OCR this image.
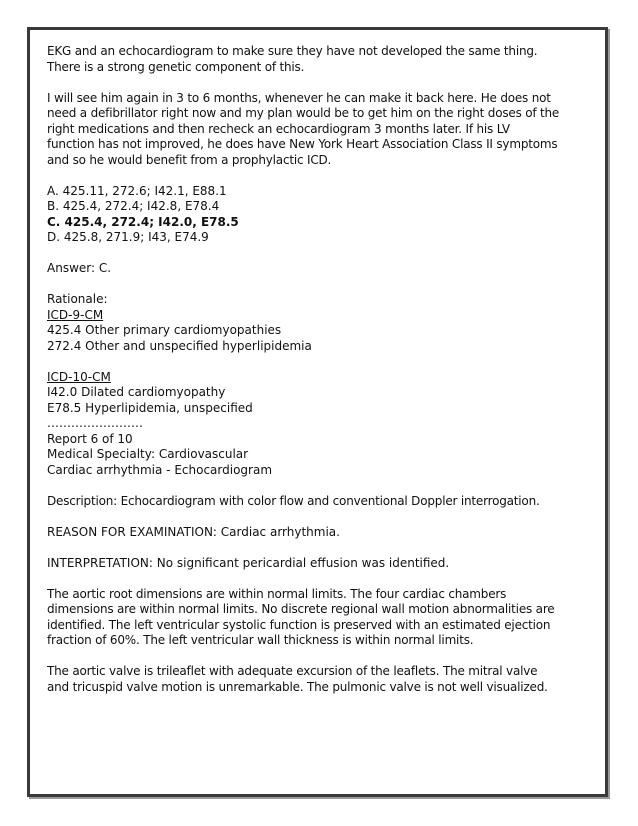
EKG and an echocardiogram to make sure they have not developed the same thing.
There is a strong genetic component of this.
I will see him again in 3 to 6 months, whenever he can make it back here. He does not
need a defibrillator right now and my plan would be to get him on the right doses of the
right medications and then recheck an echocardiogram 3 months later. If his LV
function has not improved, he does have New York Heart Association Class II symptoms
and so he would benefit from a prophylactic ICD.
A. 425.11, 272.6; I42.1, E88.1
B. 425.4, 272.4; I42.8, E78.4
C. 425.4, 272.4; I42.0, E78.5
D. 425.8, 271.9; I43, E74.9
Answer: C.
Rationale:
ICD-9-CM
425.4 Other primary cardiomyopathies
272.4 Other and unspecified hyperlipidemia
ICD-10-CM
I42.0 Dilated cardiomyopathy
E78.5 Hyperlipidemia, unspecified
……………………
Report 6 of 10
Medical Specialty: Cardiovascular
Cardiac arrhythmia - Echocardiogram
Description: Echocardiogram with color flow and conventional Doppler interrogation.
REASON FOR EXAMINATION: Cardiac arrhythmia.
INTERPRETATION: No significant pericardial effusion was identified.
The aortic root dimensions are within normal limits. The four cardiac chambers
dimensions are within normal limits. No discrete regional wall motion abnormalities are
identified. The left ventricular systolic function is preserved with an estimated ejection
fraction of 60%. The left ventricular wall thickness is within normal limits.
The aortic valve is trileaflet with adequate excursion of the leaflets. The mitral valve
and tricuspid valve motion is unremarkable. The pulmonic valve is not well visualized.
